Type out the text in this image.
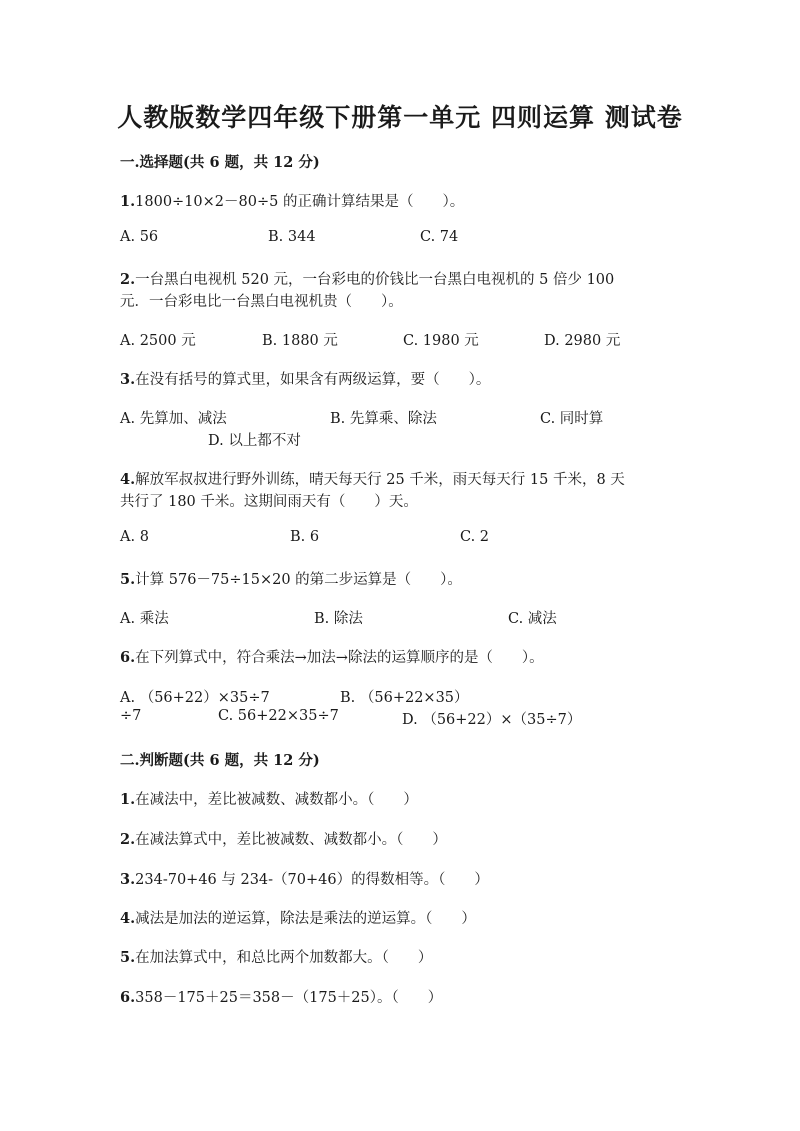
人教版数学四年级下册第一单元 四则运算 测试卷
一.选择题(共 6 题，共 12 分)
1.1800÷10×2－80÷5 的正确计算结果是（　　）。
A. 56	B. 344	C. 74
2.一台黑白电视机 520 元，一台彩电的价钱比一台黑白电视机的 5 倍少 100
元．一台彩电比一台黑白电视机贵（　　）。
A. 2500 元	B. 1880 元	C. 1980 元	D. 2980 元
3.在没有括号的算式里，如果含有两级运算，要（　　）。
A. 先算加、减法	B. 先算乘、除法	C. 同时算
D. 以上都不对
4.解放军叔叔进行野外训练，晴天每天行 25 千米，雨天每天行 15 千米，8 天
共行了 180 千米。这期间雨天有（　　）天。
A. 8	B. 6	C. 2
5.计算 576－75÷15×20 的第二步运算是（　　）。
A. 乘法	B. 除法	C. 减法
6.在下列算式中，符合乘法→加法→除法的运算顺序的是（　　）。
A. （56+22）×35÷7	B. （56+22×35）
÷7	C. 56+22×35÷7	D. （56+22）×（35÷7）
二.判断题(共 6 题，共 12 分)
1.在减法中，差比被减数、减数都小。（　　）
2.在减法算式中，差比被减数、减数都小。（　　）
3.234-70+46 与 234-（70+46）的得数相等。（　　）
4.减法是加法的逆运算，除法是乘法的逆运算。（　　）
5.在加法算式中，和总比两个加数都大。（　　）
6.358－175＋25＝358－（175＋25）。（　　）
